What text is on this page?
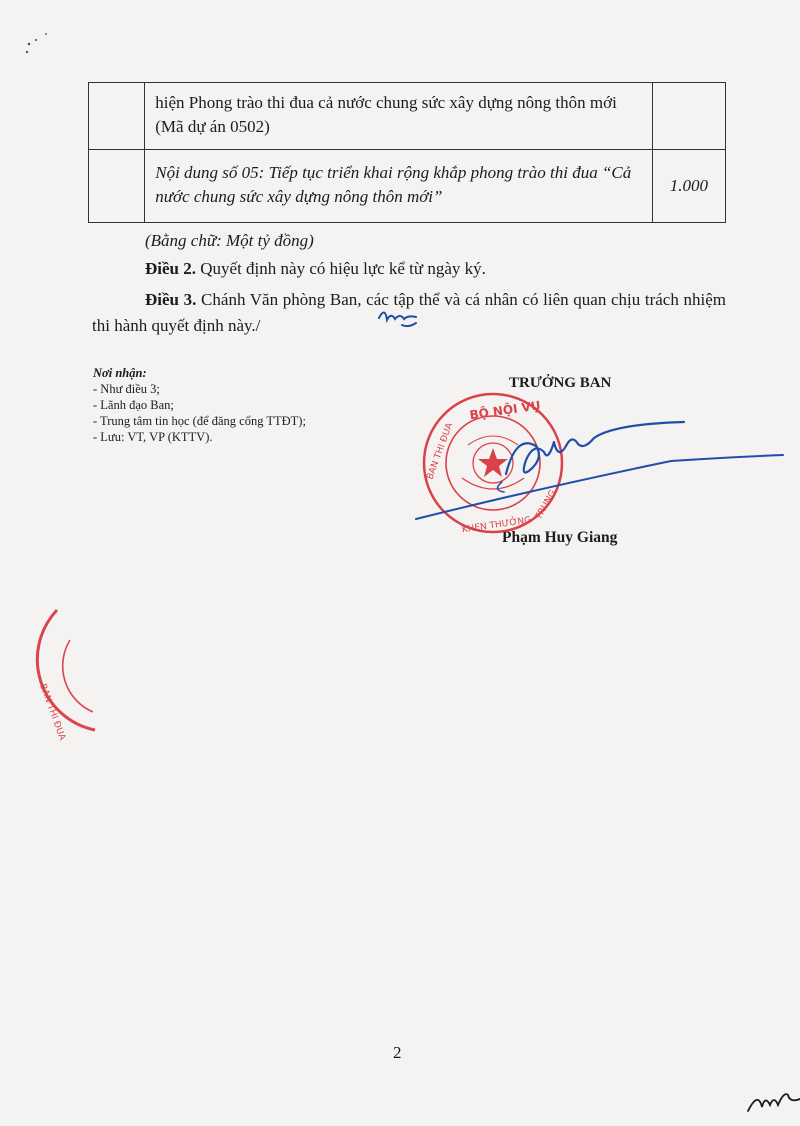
	hiện Phong trào thi đua cả nước chung sức xây dựng nông thôn mới (Mã dự án 0502)	
	Nội dung số 05: Tiếp tục triển khai rộng khắp phong trào thi đua “Cả nước chung sức xây dựng nông thôn mới”	1.000
(Bằng chữ: Một tỷ đồng)
Điều 2. Quyết định này có hiệu lực kể từ ngày ký.
Điều 3. Chánh Văn phòng Ban, các tập thể và cá nhân có liên quan chịu trách nhiệm thi hành quyết định này./
Nơi nhận:
- Như điều 3;
- Lãnh đạo Ban;
- Trung tâm tin học (để đăng cổng TTĐT);
- Lưu: VT, VP (KTTV).
TRƯỞNG BAN
Phạm Huy Giang
2
BỘ NỘI VỤ
BAN THI ĐUA
KHEN THƯỞNG
TRUNG
BAN THI ĐUA
